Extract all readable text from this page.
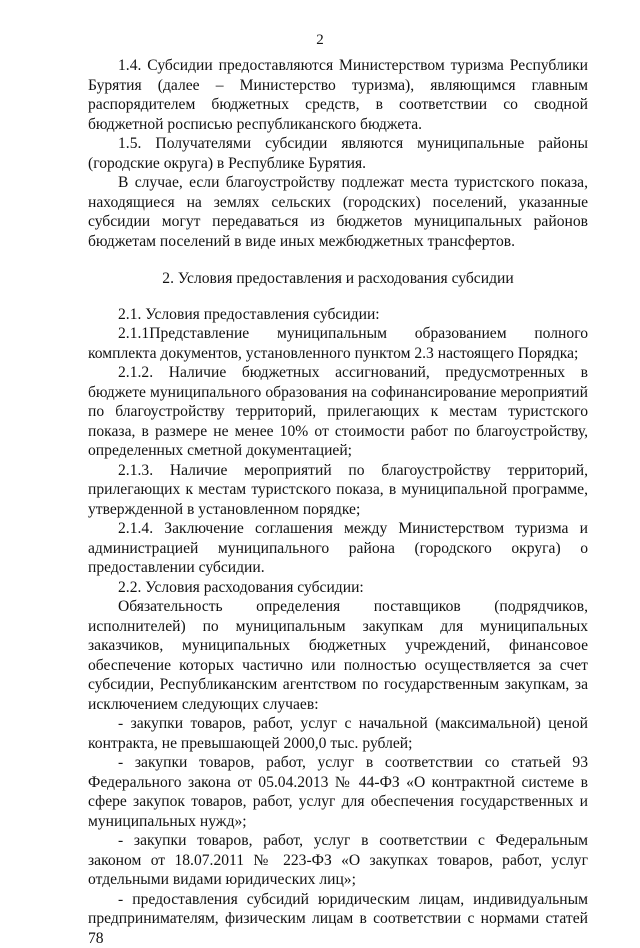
2

1.4. Субсидии предоставляются Министерством туризма Республики Бурятия (далее – Министерство туризма), являющимся главным распорядителем бюджетных средств, в соответствии со сводной бюджетной росписью республиканского бюджета.

1.5. Получателями субсидии являются муниципальные районы (городские округа) в Республике Бурятия.

В случае, если благоустройству подлежат места туристского показа, находящиеся на землях сельских (городских) поселений, указанные субсидии могут передаваться из бюджетов муниципальных районов бюджетам поселений в виде иных межбюджетных трансфертов.

2. Условия предоставления и расходования субсидии

2.1. Условия предоставления субсидии:

2.1.1Представление муниципальным образованием полного комплекта документов, установленного пунктом 2.3 настоящего Порядка;

2.1.2. Наличие бюджетных ассигнований, предусмотренных в бюджете муниципального образования на софинансирование мероприятий по благоустройству территорий, прилегающих к местам туристского показа, в размере не менее 10% от стоимости работ по благоустройству, определенных сметной документацией;

2.1.3. Наличие мероприятий по благоустройству территорий, прилегающих к местам туристского показа, в муниципальной программе, утвержденной в установленном порядке;

2.1.4. Заключение соглашения между Министерством туризма и администрацией муниципального района (городского округа) о предоставлении субсидии.

2.2. Условия расходования субсидии:

Обязательность определения поставщиков (подрядчиков, исполнителей) по муниципальным закупкам для муниципальных заказчиков, муниципальных бюджетных учреждений, финансовое обеспечение которых частично или полностью осуществляется за счет субсидии, Республиканским агентством по государственным закупкам, за исключением следующих случаев:

- закупки товаров, работ, услуг с начальной (максимальной) ценой контракта, не превышающей 2000,0 тыс. рублей;

- закупки товаров, работ, услуг в соответствии со статьей 93 Федерального закона от 05.04.2013 № 44-ФЗ «О контрактной системе в сфере закупок товаров, работ, услуг для обеспечения государственных и муниципальных нужд»;

- закупки товаров, работ, услуг в соответствии с Федеральным законом от 18.07.2011 № 223-ФЗ «О закупках товаров, работ, услуг отдельными видами юридических лиц»;

- предоставления субсидий юридическим лицам, индивидуальным предпринимателям, физическим лицам в соответствии с нормами статей 78
